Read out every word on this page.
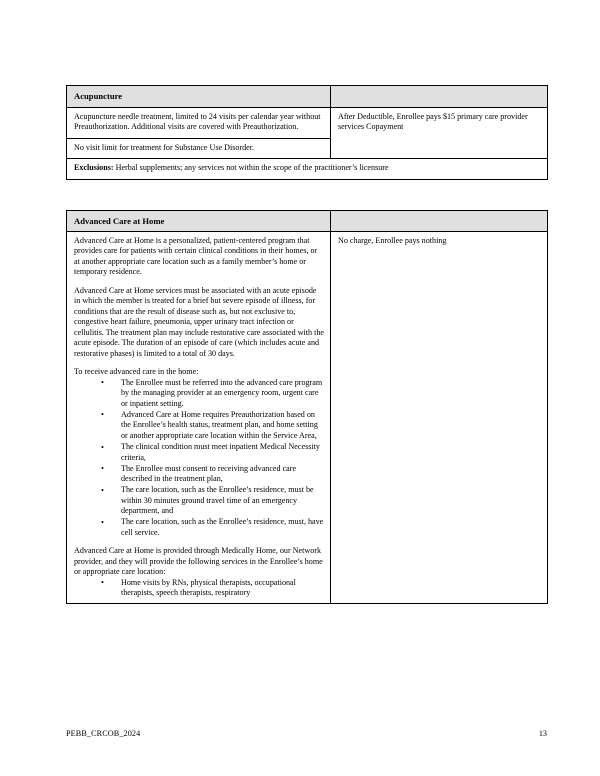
Acupuncture	

Acupuncture needle treatment, limited to 24 visits per calendar year without Preauthorization. Additional visits are covered with Preauthorization.	After Deductible, Enrollee pays $15 primary care provider services Copayment

No visit limit for treatment for Substance Use Disorder.	

Exclusions: Herbal supplements; any services not within the scope of the practitioner’s licensure	
Advanced Care at Home	

Advanced Care at Home is a personalized, patient-centered program that provides care for patients with certain clinical conditions in their homes, or at another appropriate care location such as a family member’s home or temporary residence.

Advanced Care at Home services must be associated with an acute episode in which the member is treated for a brief but severe episode of illness, for conditions that are the result of disease such as, but not exclusive to, congestive heart failure, pneumonia, upper urinary tract infection or cellulitis. The treatment plan may include restorative care associated with the acute episode. The duration of an episode of care (which includes acute and restorative phases) is limited to a total of 30 days.

To receive advanced care in the home:

• The Enrollee must be referred into the advanced care program by the managing provider at an emergency room, urgent care or inpatient setting.
• Advanced Care at Home requires Preauthorization based on the Enrollee’s health status, treatment plan, and home setting or another appropriate care location within the Service Area,
• The clinical condition must meet inpatient Medical Necessity criteria,
• The Enrollee must consent to receiving advanced care described in the treatment plan,
• The care location, such as the Enrollee’s residence, must be within 30 minutes ground travel time of an emergency department, and
• The care location, such as the Enrollee’s residence, must, have cell service.

Advanced Care at Home is provided through Medically Home, our Network provider, and they will provide the following services in the Enrollee’s home or appropriate care location:

• Home visits by RNs, physical therapists, occupational therapists, speech therapists, respiratory
	No charge, Enrollee pays nothing
PEBB_CRCOB_2024	13
